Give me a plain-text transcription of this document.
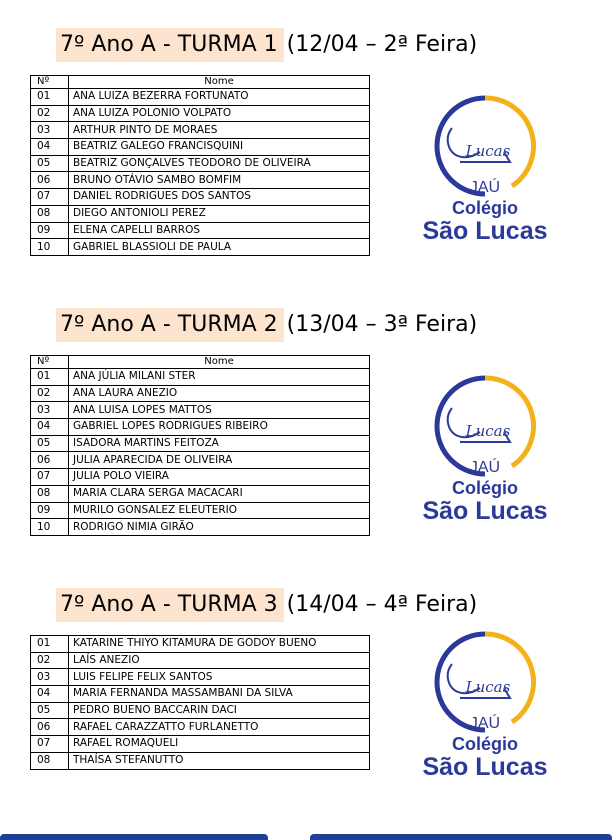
7º Ano A - TURMA 1 (12/04 – 2ª Feira)
Nº	Nome
01	ANA LUIZA BEZERRA FORTUNATO
02	ANA LUIZA POLONIO VOLPATO
03	ARTHUR PINTO DE MORAES
04	BEATRIZ GALEGO FRANCISQUINI
05	BEATRIZ GONÇALVES TEODORO DE OLIVEIRA
06	BRUNO OTÁVIO SAMBO BOMFIM
07	DANIEL RODRIGUES DOS SANTOS
08	DIEGO ANTONIOLI PEREZ
09	ELENA CAPELLI BARROS
10	GABRIEL BLASSIOLI DE PAULA
Lucas
JAÚ
Colégio
São Lucas
7º Ano A - TURMA 2 (13/04 – 3ª Feira)
Nº	Nome
01	ANA JÚLIA MILANI STER
02	ANA LAURA ANEZIO
03	ANA LUISA LOPES MATTOS
04	GABRIEL LOPES RODRIGUES RIBEIRO
05	ISADORA MARTINS FEITOZA
06	JULIA APARECIDA DE OLIVEIRA
07	JULIA POLO VIEIRA
08	MARIA CLARA SERGA MACACARI
09	MURILO GONSALEZ ELEUTERIO
10	RODRIGO NIMIA GIRÃO
Lucas
JAÚ
Colégio
São Lucas
7º Ano A - TURMA 3 (14/04 – 4ª Feira)
01	KATARINE THIYO KITAMURA DE GODOY BUENO
02	LAÍS ANEZIO
03	LUIS FELIPE FELIX SANTOS
04	MARIA FERNANDA MASSAMBANI DA SILVA
05	PEDRO BUENO BACCARIN DACI
06	RAFAEL CARAZZATTO FURLANETTO
07	RAFAEL ROMAQUELI
08	THAÍSA STEFANUTTO
Lucas
JAÚ
Colégio
São Lucas
